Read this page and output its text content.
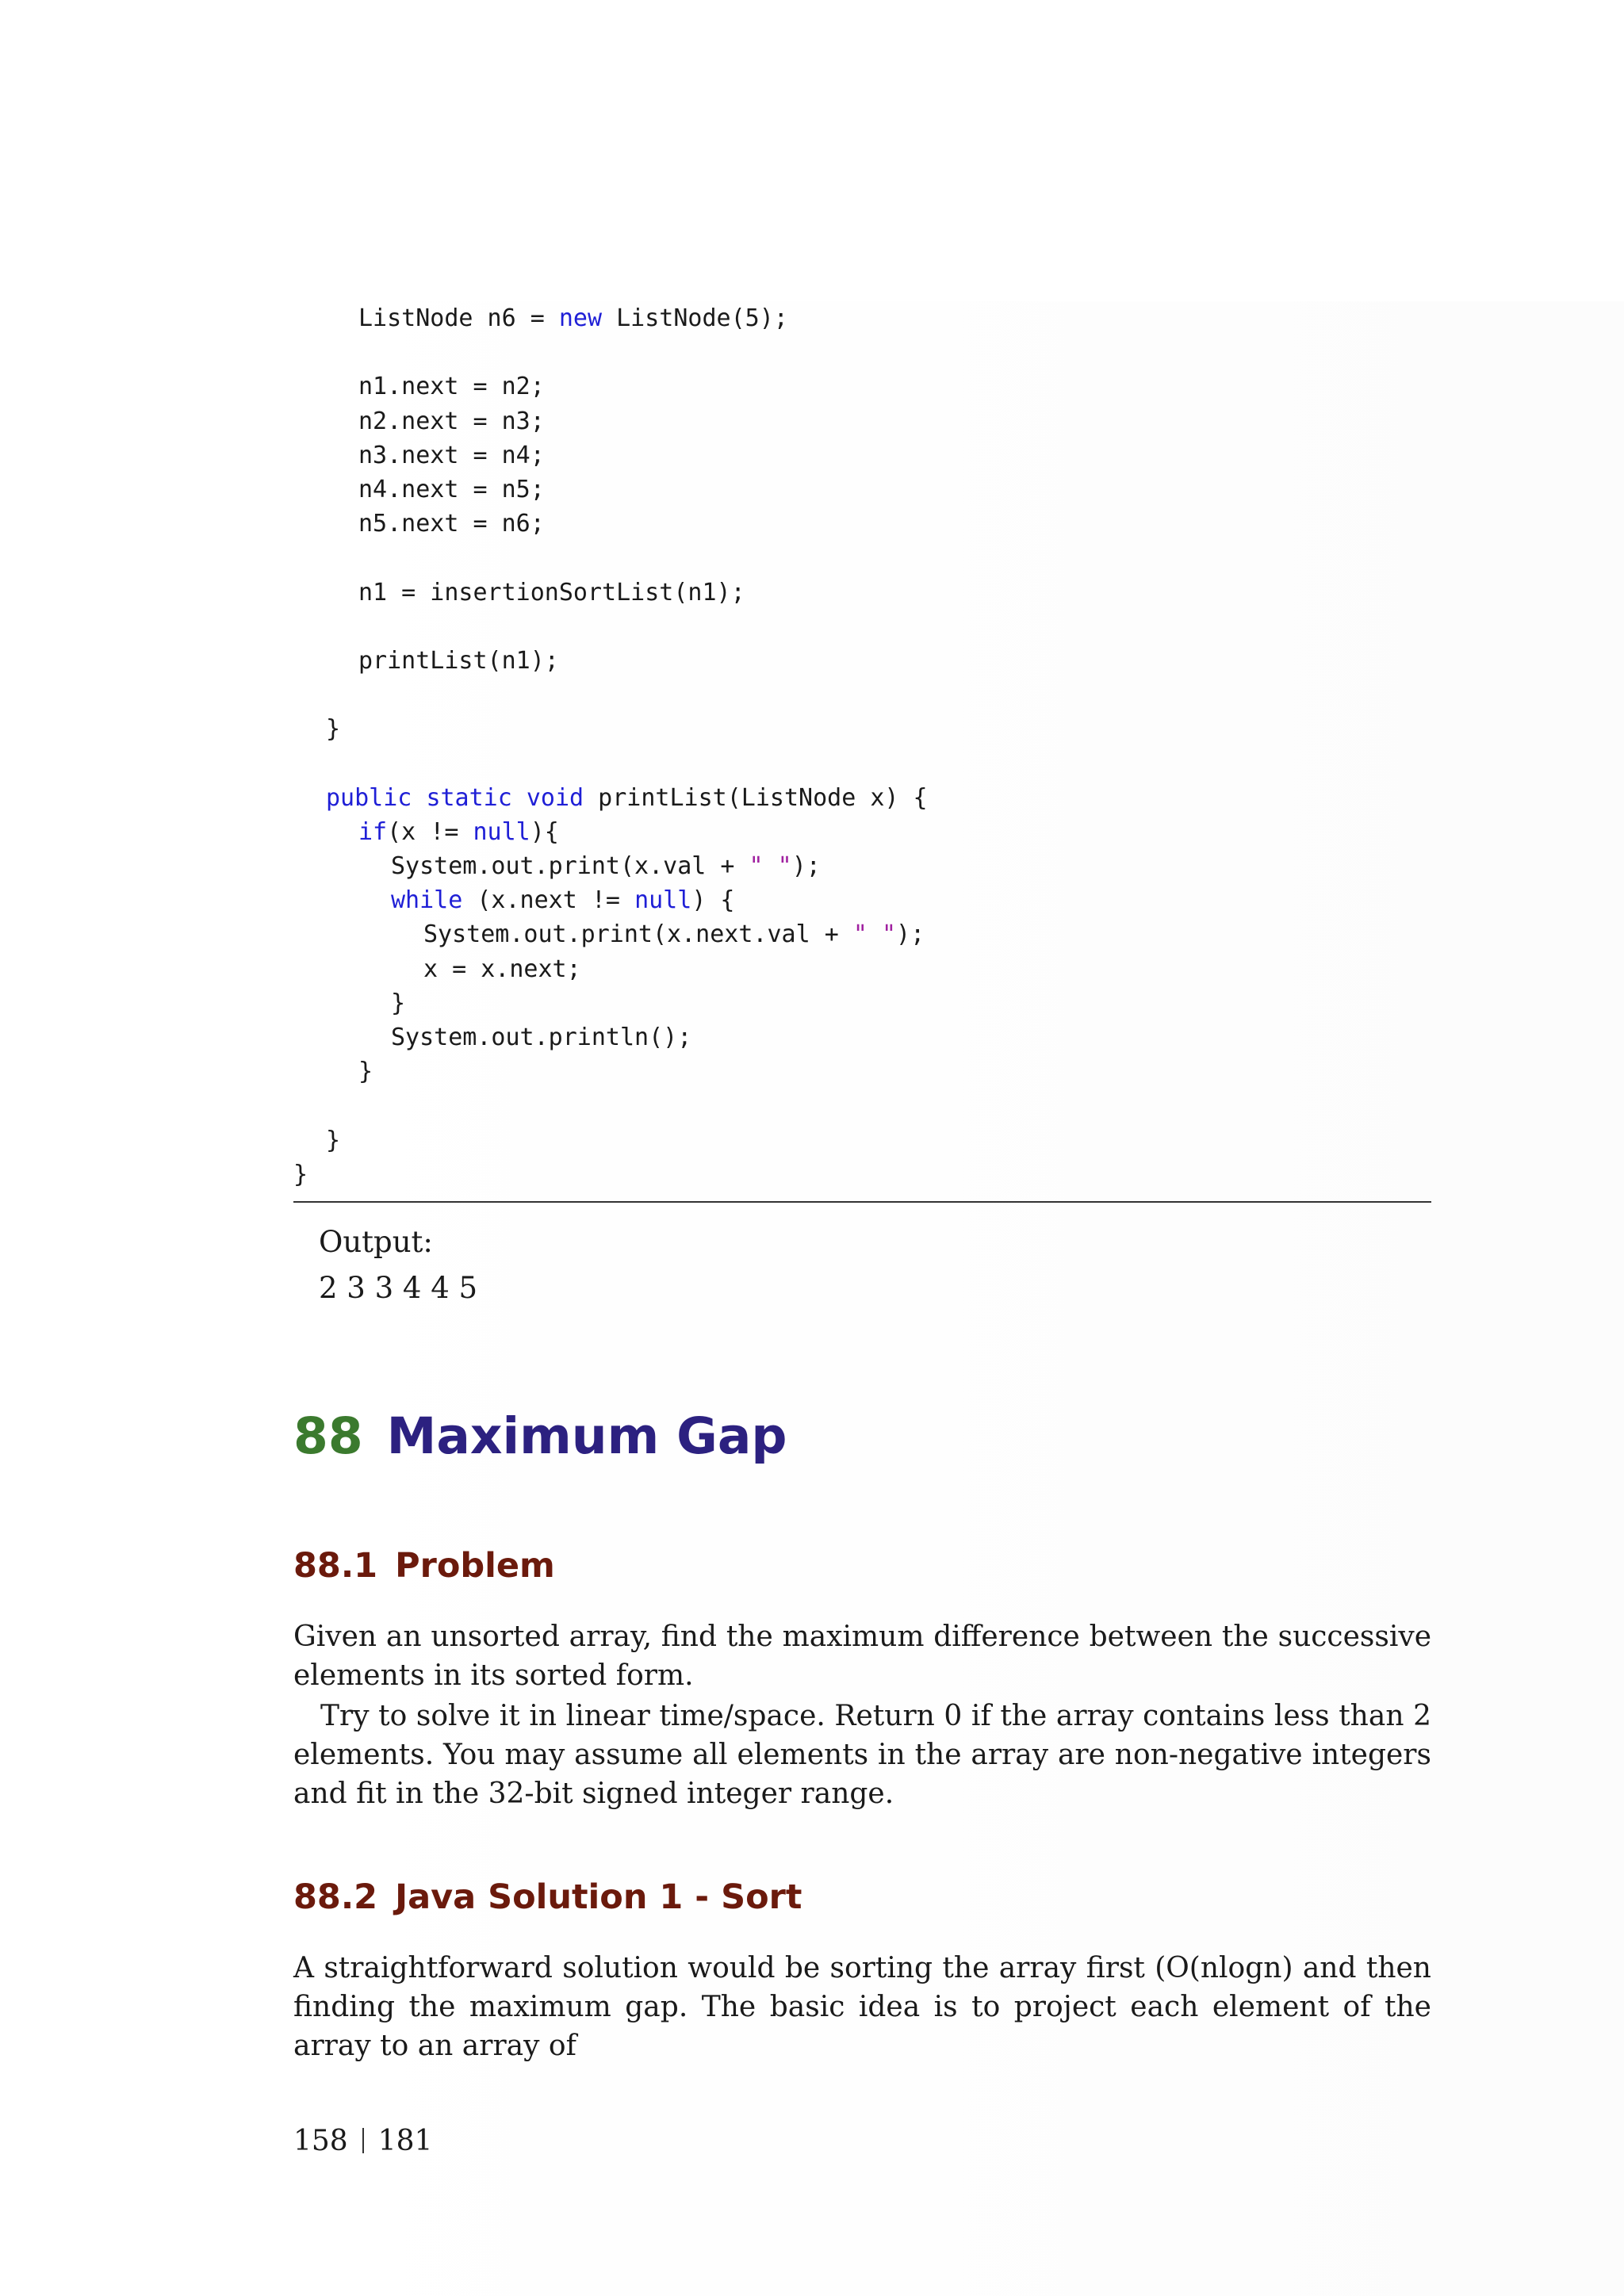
ListNode n6 = new ListNode(5);
n1.next = n2;
n2.next = n3;
n3.next = n4;
n4.next = n5;
n5.next = n6;
n1 = insertionSortList(n1);
printList(n1);
}
public static void printList(ListNode x) {
if(x != null){
System.out.print(x.val + " ");
while (x.next != null) {
System.out.print(x.next.val + " ");
x = x.next;
}
System.out.println();
}
}
}
Output:
2 3 3 4 4 5
88 Maximum Gap
88.1 Problem
Given an unsorted array, find the maximum difference between the successive elements in its sorted form.
Try to solve it in linear time/space. Return 0 if the array contains less than 2 elements. You may assume all elements in the array are non-negative integers and fit in the 32-bit signed integer range.
88.2 Java Solution 1 - Sort
A straightforward solution would be sorting the array first (O(nlogn) and then finding the maximum gap. The basic idea is to project each element of the array to an array of
158 181
